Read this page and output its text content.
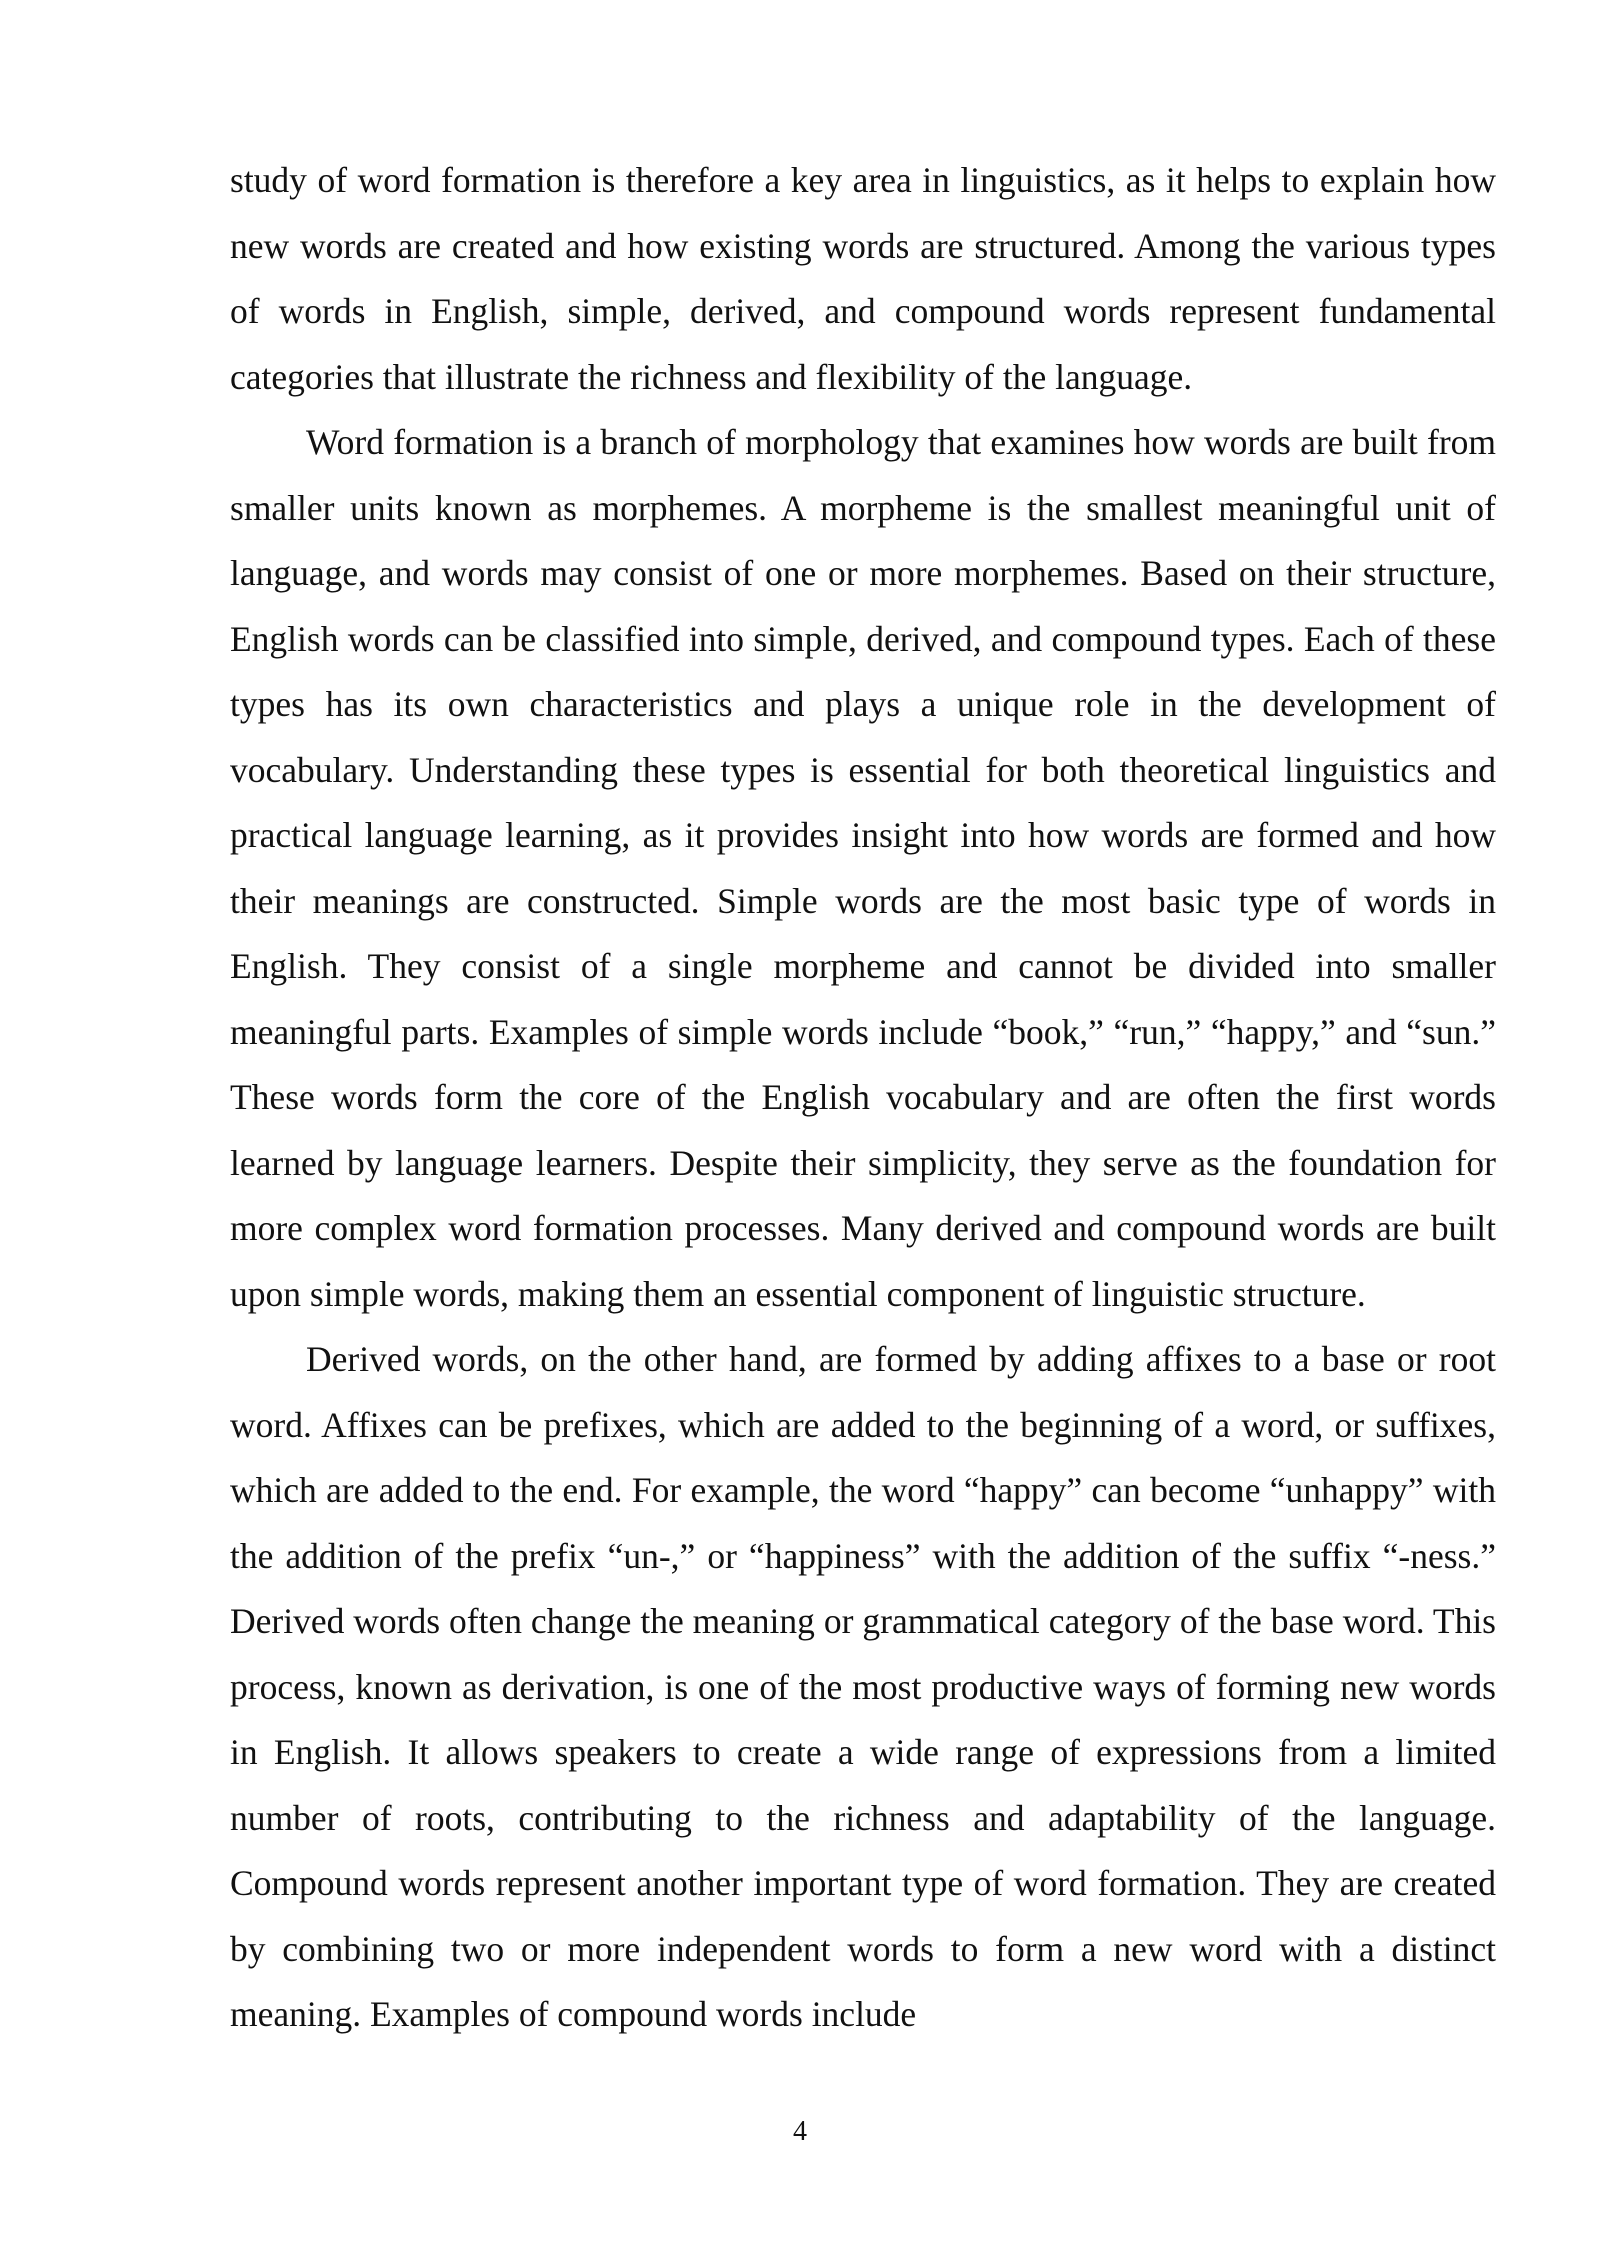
study of word formation is therefore a key area in linguistics, as it helps to explain how new words are created and how existing words are structured. Among the various types of words in English, simple, derived, and compound words represent fundamental categories that illustrate the richness and flexibility of the language.

Word formation is a branch of morphology that examines how words are built from smaller units known as morphemes. A morpheme is the smallest meaningful unit of language, and words may consist of one or more morphemes. Based on their structure, English words can be classified into simple, derived, and compound types. Each of these types has its own characteristics and plays a unique role in the development of vocabulary. Understanding these types is essential for both theoretical linguistics and practical language learning, as it provides insight into how words are formed and how their meanings are constructed. Simple words are the most basic type of words in English. They consist of a single morpheme and cannot be divided into smaller meaningful parts. Examples of simple words include “book,” “run,” “happy,” and “sun.” These words form the core of the English vocabulary and are often the first words learned by language learners. Despite their simplicity, they serve as the foundation for more complex word formation processes. Many derived and compound words are built upon simple words, making them an essential component of linguistic structure.

Derived words, on the other hand, are formed by adding affixes to a base or root word. Affixes can be prefixes, which are added to the beginning of a word, or suffixes, which are added to the end. For example, the word “happy” can become “unhappy” with the addition of the prefix “un-,” or “happiness” with the addition of the suffix “-ness.” Derived words often change the meaning or grammatical category of the base word. This process, known as derivation, is one of the most productive ways of forming new words in English. It allows speakers to create a wide range of expressions from a limited number of roots, contributing to the richness and adaptability of the language. Compound words represent another important type of word formation. They are created by combining two or more independent words to form a new word with a distinct meaning. Examples of compound words include

4
